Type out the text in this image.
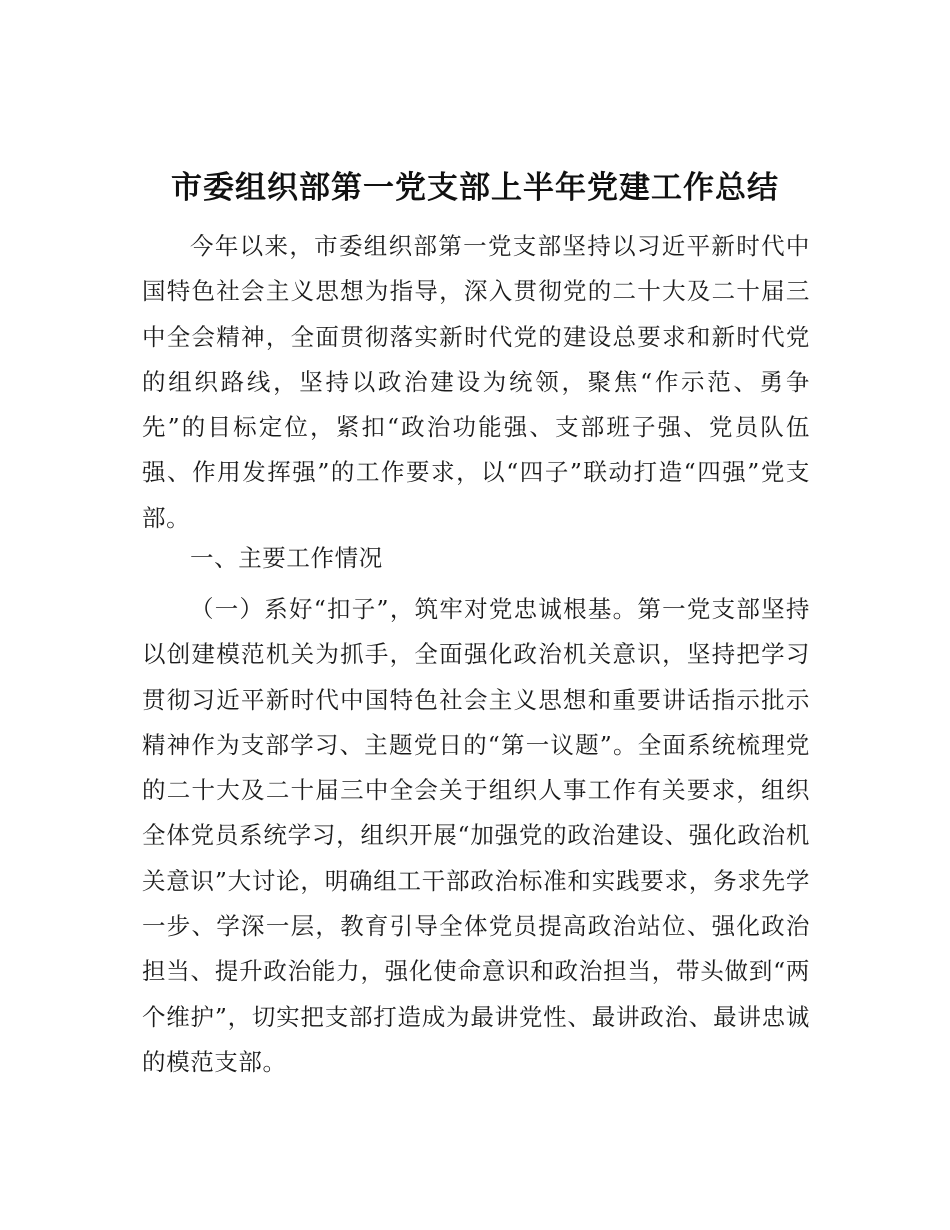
市委组织部第一党支部上半年党建工作总结

今年以来，市委组织部第一党支部坚持以习近平新时代中国特色社会主义思想为指导，深入贯彻党的二十大及二十届三中全会精神，全面贯彻落实新时代党的建设总要求和新时代党的组织路线，坚持以政治建设为统领，聚焦“作示范、勇争先”的目标定位，紧扣“政治功能强、支部班子强、党员队伍强、作用发挥强”的工作要求，以“四子”联动打造“四强”党支部。

一、主要工作情况

（一）系好“扣子”，筑牢对党忠诚根基。第一党支部坚持以创建模范机关为抓手，全面强化政治机关意识，坚持把学习贯彻习近平新时代中国特色社会主义思想和重要讲话指示批示精神作为支部学习、主题党日的“第一议题”。全面系统梳理党的二十大及二十届三中全会关于组织人事工作有关要求，组织全体党员系统学习，组织开展“加强党的政治建设、强化政治机关意识”大讨论，明确组工干部政治标准和实践要求，务求先学一步、学深一层，教育引导全体党员提高政治站位、强化政治担当、提升政治能力，强化使命意识和政治担当，带头做到“两个维护”，切实把支部打造成为最讲党性、最讲政治、最讲忠诚的模范支部。
